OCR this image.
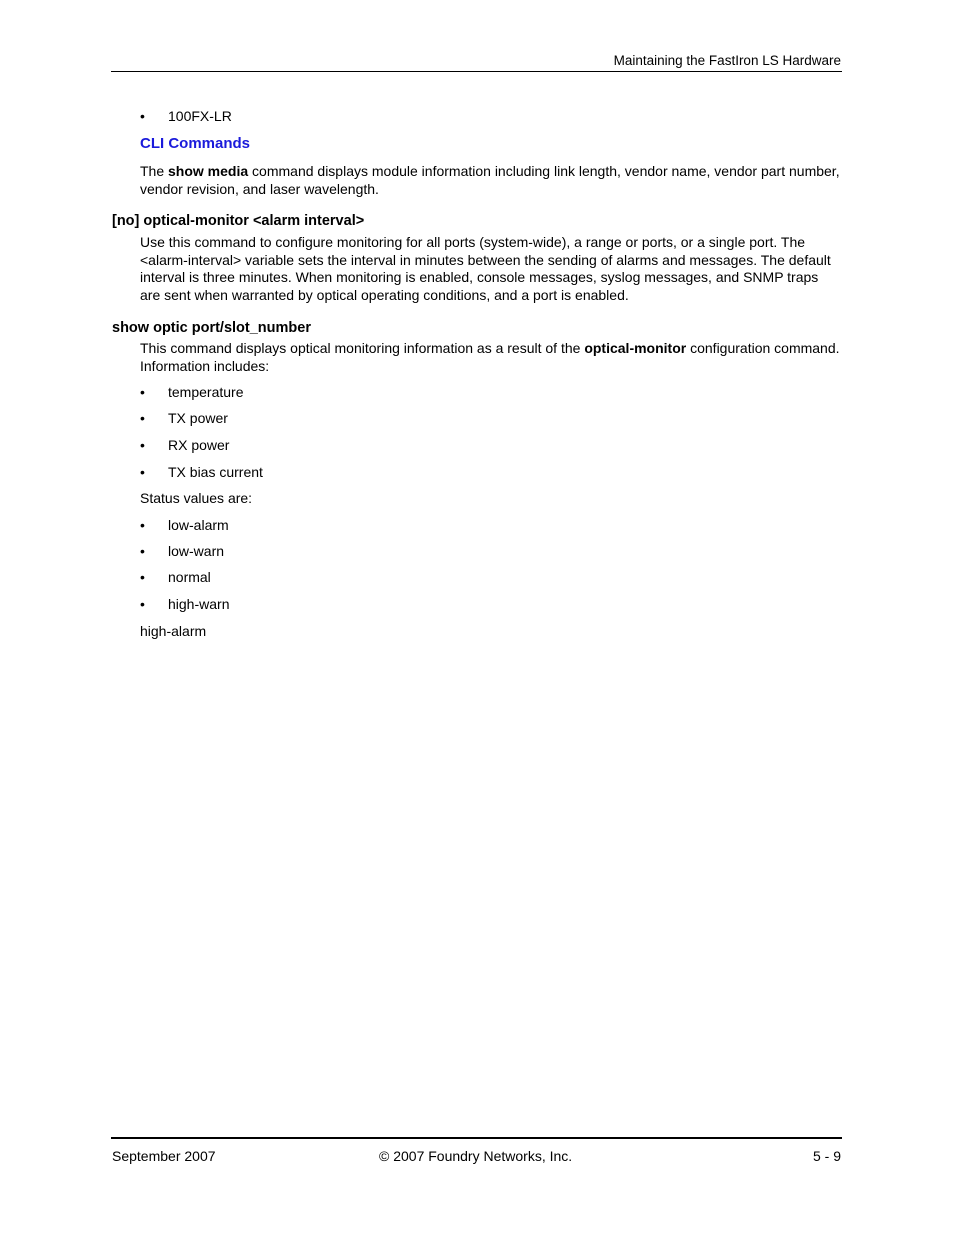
Maintaining the FastIron LS Hardware
• 100FX-LR
CLI Commands
The show media command displays module information including link length, vendor name, vendor part number, vendor revision, and laser wavelength.
[no] optical-monitor <alarm interval>
Use this command to configure monitoring for all ports (system-wide), a range or ports, or a single port. The <alarm-interval> variable sets the interval in minutes between the sending of alarms and messages. The default interval is three minutes. When monitoring is enabled, console messages, syslog messages, and SNMP traps are sent when warranted by optical operating conditions, and a port is enabled.
show optic port/slot_number
This command displays optical monitoring information as a result of the optical-monitor configuration command. Information includes:
• temperature
• TX power
• RX power
• TX bias current
Status values are:
• low-alarm
• low-warn
• normal
• high-warn
high-alarm
September 2007	© 2007 Foundry Networks, Inc.	5 - 9
